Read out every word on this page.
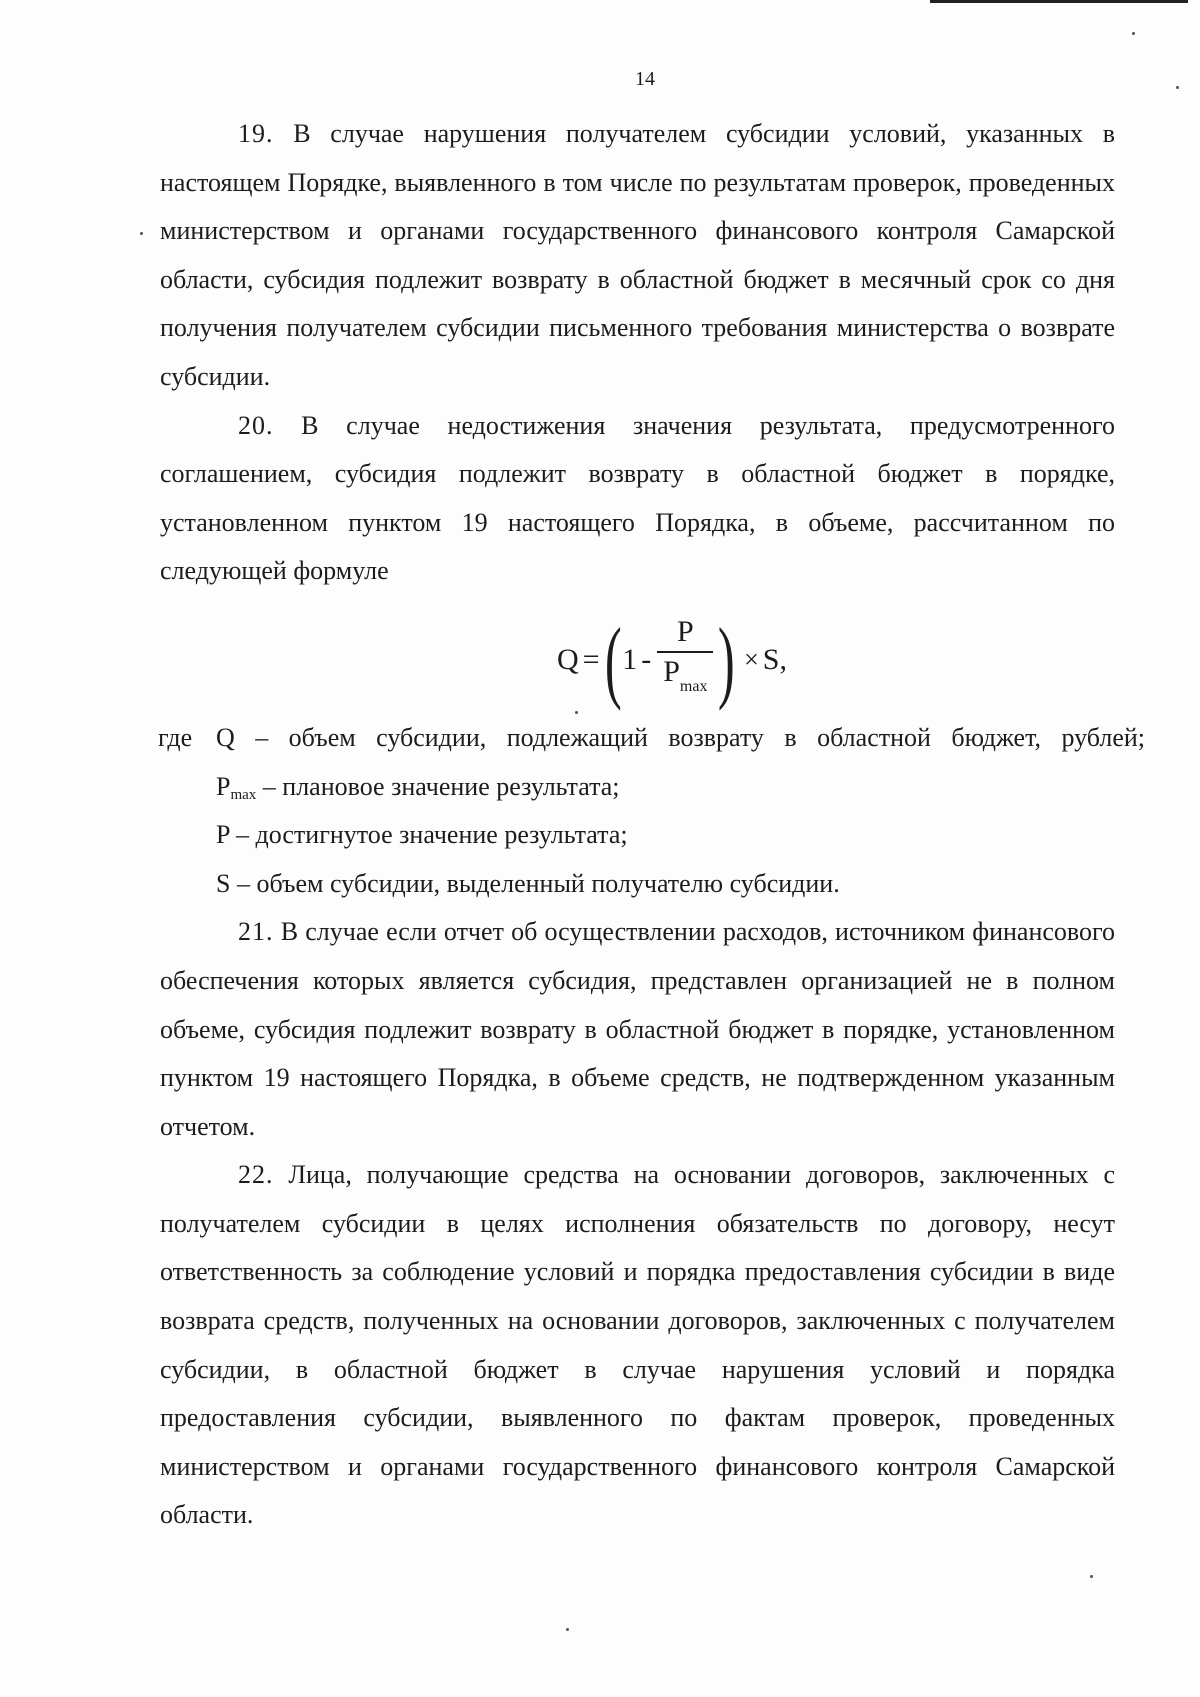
14

19. В случае нарушения получателем субсидии условий, указанных в настоящем Порядке, выявленного в том числе по результатам проверок, проведенных министерством и органами государственного финансового контроля Самарской области, субсидия подлежит возврату в областной бюджет в месячный срок со дня получения получателем субсидии письменного требования министерства о возврате субсидии.

20. В случае недостижения значения результата, предусмотренного соглашением, субсидия подлежит возврату в областной бюджет в порядке, установленном пунктом 19 настоящего Порядка, в объеме, рассчитанном по следующей формуле

Q = ( $1 - \frac{P}{P_{max}}$ ) × S ,
где Q – объем субсидии, подлежащий возврату в областной бюджет, рублей;
Pmax – плановое значение результата;
P – достигнутое значение результата;
S – объем субсидии, выделенный получателю субсидии.

21. В случае если отчет об осуществлении расходов, источником финансового обеспечения которых является субсидия, представлен организацией не в полном объеме, субсидия подлежит возврату в областной бюджет в порядке, установленном пунктом 19 настоящего Порядка, в объеме средств, не подтвержденном указанным отчетом.

22. Лица, получающие средства на основании договоров, заключенных с получателем субсидии в целях исполнения обязательств по договору, несут ответственность за соблюдение условий и порядка предоставления субсидии в виде возврата средств, полученных на основании договоров, заключенных с получателем субсидии, в областной бюджет в случае нарушения условий и порядка предоставления субсидии, выявленного по фактам проверок, проведенных министерством и органами государственного финансового контроля Самарской области.
